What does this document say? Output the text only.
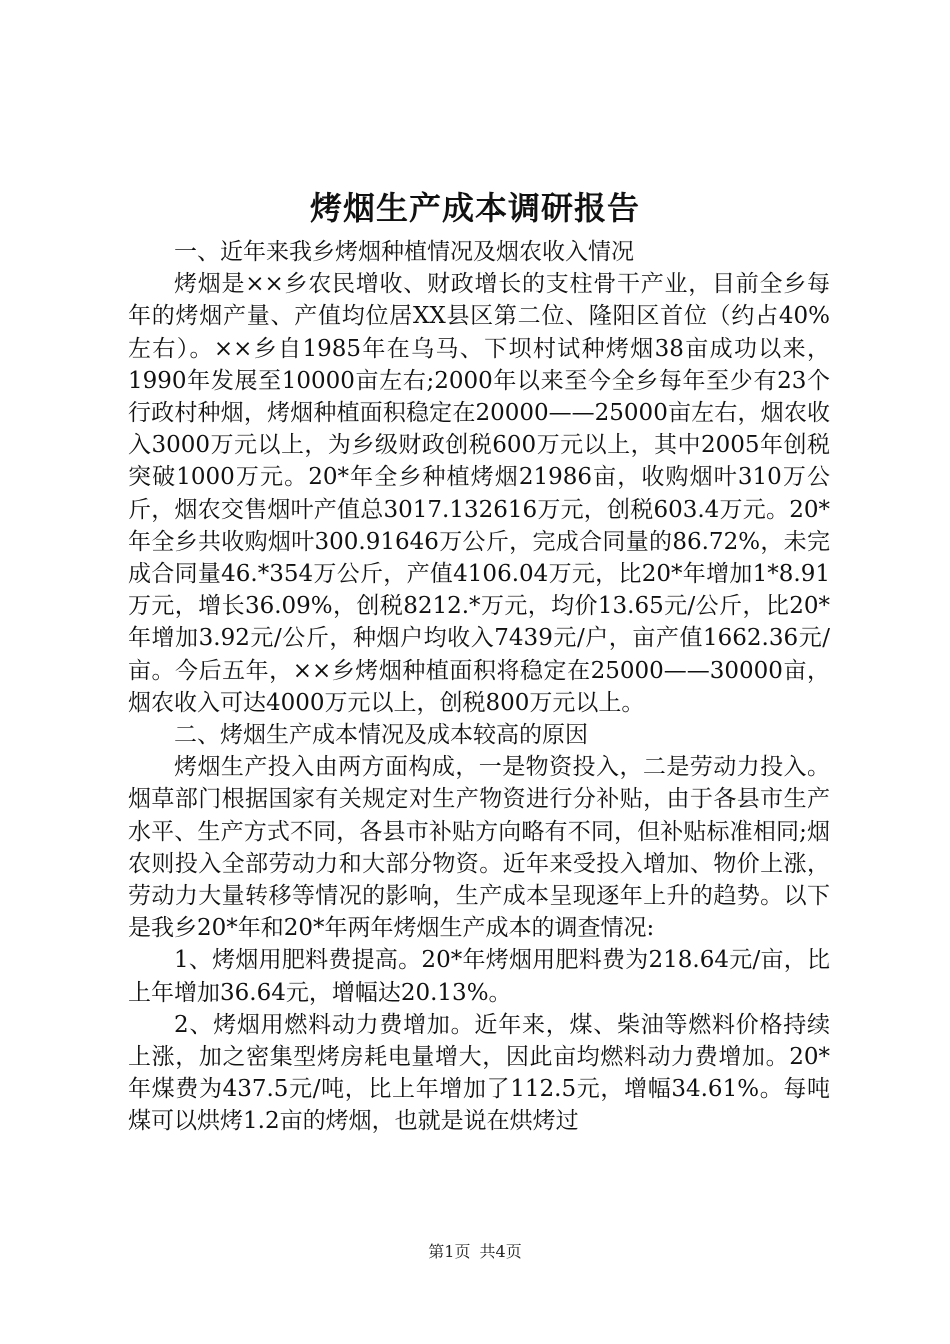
烤烟生产成本调研报告

一、近年来我乡烤烟种植情况及烟农收入情况

烤烟是××乡农民增收、财政增长的支柱骨干产业，目前全乡每年的烤烟产量、产值均位居XX县区第二位、隆阳区首位（约占40%左右）。××乡自1985年在乌马、下坝村试种烤烟38亩成功以来，1990年发展至10000亩左右;2000年以来至今全乡每年至少有23个行政村种烟，烤烟种植面积稳定在20000——25000亩左右，烟农收入3000万元以上，为乡级财政创税600万元以上，其中2005年创税突破1000万元。20*年全乡种植烤烟21986亩，收购烟叶310万公斤，烟农交售烟叶产值总3017.132616万元，创税603.4万元。20*年全乡共收购烟叶300.91646万公斤，完成合同量的86.72%，未完成合同量46.*354万公斤，产值4106.04万元，比20*年增加1*8.91万元，增长36.09%，创税8212.*万元，均价13.65元/公斤，比20*年增加3.92元/公斤，种烟户均收入7439元/户，亩产值1662.36元/亩。今后五年，××乡烤烟种植面积将稳定在25000——30000亩，烟农收入可达4000万元以上，创税800万元以上。

二、烤烟生产成本情况及成本较高的原因

烤烟生产投入由两方面构成，一是物资投入，二是劳动力投入。烟草部门根据国家有关规定对生产物资进行分补贴，由于各县市生产水平、生产方式不同，各县市补贴方向略有不同，但补贴标准相同;烟农则投入全部劳动力和大部分物资。近年来受投入增加、物价上涨，劳动力大量转移等情况的影响，生产成本呈现逐年上升的趋势。以下是我乡20*年和20*年两年烤烟生产成本的调查情况:

1、烤烟用肥料费提高。20*年烤烟用肥料费为218.64元/亩，比上年增加36.64元，增幅达20.13%。

2、烤烟用燃料动力费增加。近年来，煤、柴油等燃料价格持续上涨，加之密集型烤房耗电量增大，因此亩均燃料动力费增加。20*年煤费为437.5元/吨，比上年增加了112.5元，增幅34.61%。每吨煤可以烘烤1.2亩的烤烟，也就是说在烘烤过

第1页 共4页
